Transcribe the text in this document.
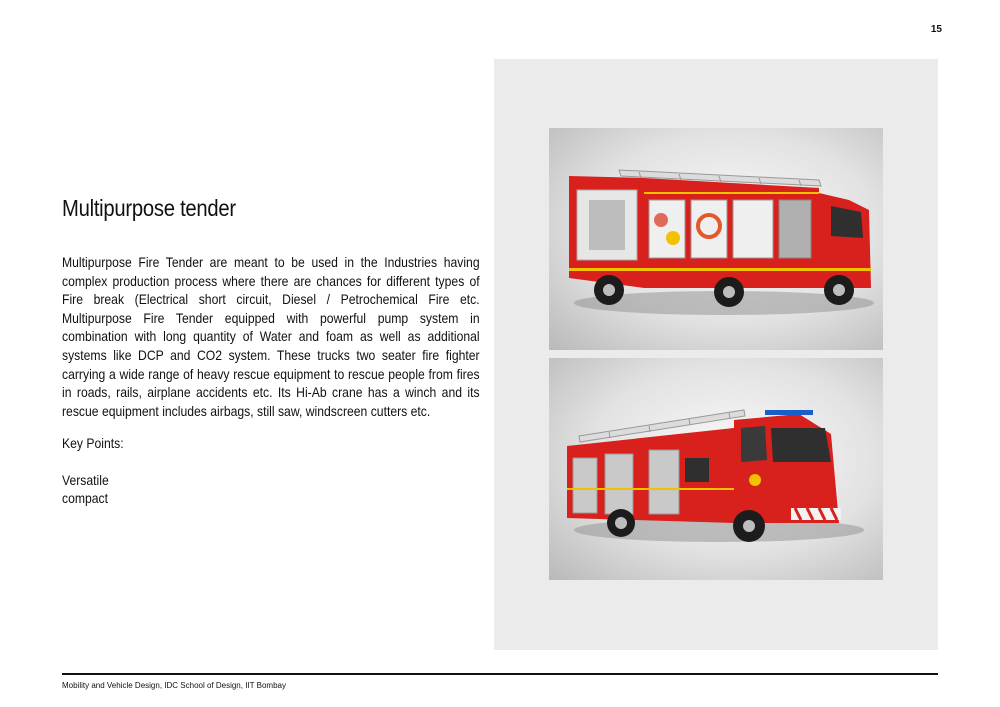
15
Multipurpose tender

Multipurpose Fire Tender are meant to be used in the Industries having complex production process where there are chances for different types of Fire break (Electrical short circuit, Diesel / Petrochemical Fire etc. Multipurpose Fire Tender equipped with powerful pump system in combination with long quantity of Water and foam as well as additional systems like DCP and CO2 system. These trucks two seater fire fighter carrying a wide range of heavy rescue equipment to rescue people from fires in roads, rails, airplane accidents etc. Its Hi-Ab crane has a winch and its rescue equipment includes airbags, still saw, windscreen cutters etc.

Key Points:

Versatile
compact
Mobility and Vehicle Design, IDC School of Design, IIT Bombay
